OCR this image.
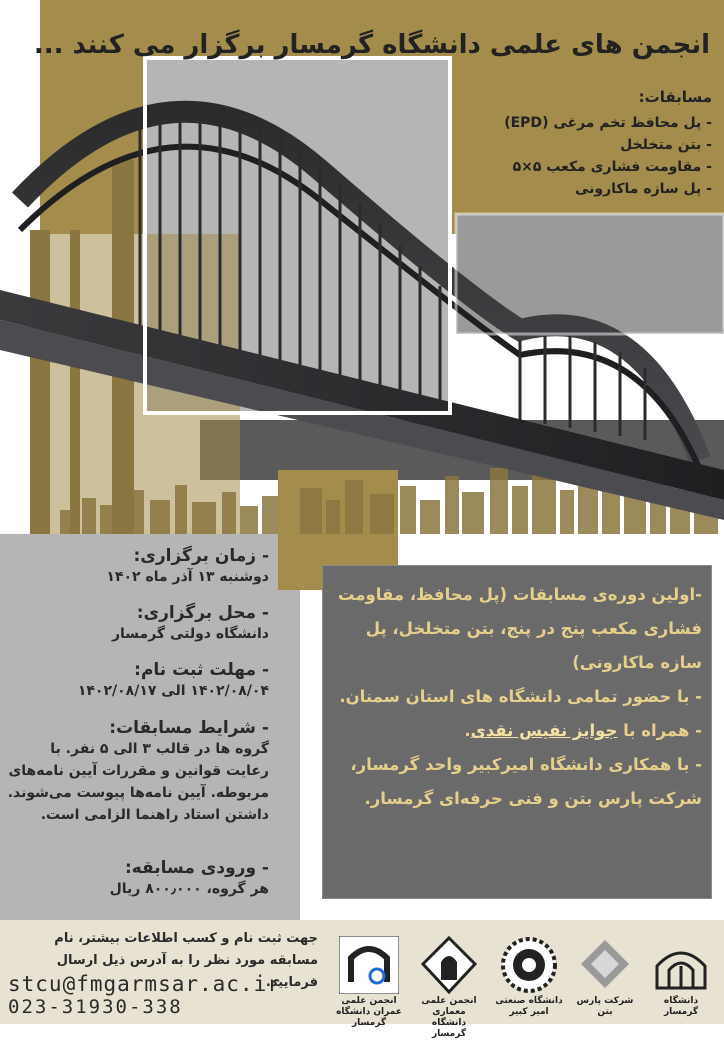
انجمن های علمی دانشگاه گرمسار برگزار می کنند ...
مسابقات:
- پل محافظ تخم مرغی (EPD)
- بتن متخلخل
- مقاومت فشاری مکعب ۵×۵
- پل سازه ماکارونی
- زمان برگزاری:
دوشنبه ۱۳ آذر ماه ۱۴۰۲
- محل برگزاری:
دانشگاه دولتی گرمسار
- مهلت ثبت نام:
۱۴۰۲/۰۸/۰۴ الی ۱۴۰۲/۰۸/۱۷
- شرایط مسابقات:
گروه ها در قالب ۳ الی ۵ نفر. با رعایت قوانین و مقررات آیین نامه‌های مربوطه. آیین نامه‌ها پیوست می‌شوند. داشتن استاد راهنما الزامی است.
- ورودی مسابقه:
هر گروه، ۸۰۰٫۰۰۰ ریال
-اولین دوره‌ی مسابقات (پل محافظ، مقاومت فشاری مکعب پنج در پنج، بتن متخلخل، پل سازه ماکارونی)
- با حضور تمامی دانشگاه های استان سمنان.
- همراه با جوایز نفیس نقدی.
- با همکاری دانشگاه امیرکبیر واحد گرمسار، شرکت پارس بتن و فنی حرفه‌ای گرمسار.
جهت ثبت نام و کسب اطلاعات بیشتر، نام مسابقه مورد نظر را به آدرس ذیل ارسال فرمایید.
stcu@fmgarmsar.ac.ir
023-31930-338	انجمن علمی عمران دانشگاه گرمسار
انجمن علمی معماری دانشگاه گرمسار
دانشگاه صنعتی امیر کبیر
شرکت پارس بتن
دانشگاه گرمسار
